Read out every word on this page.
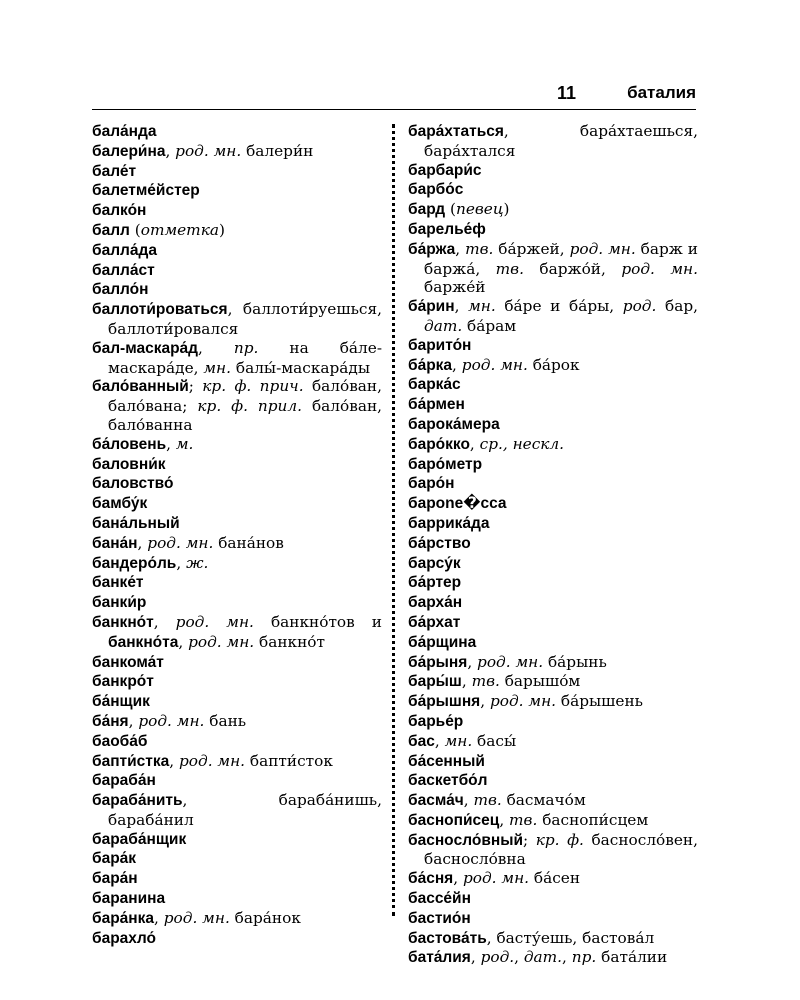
11	баталия

бала́нда

балери́на, род. мн. балери́н

бале́т

балетме́йстер

балко́н

балл (отметка)

балла́да

балла́ст

балло́н

баллоти́роваться, баллоти́руешься, баллоти́ровался

бал-маскара́д, пр. на ба́ле-маскара́де, мн. балы́-маскара́ды

бало́ванный; кр. ф. прич. бало́ван, бало́вана; кр. ф. прил. бало́ван, бало́ванна

ба́ловень, м.

баловни́к

баловство́

бамбу́к

бана́льный

бана́н, род. мн. бана́нов

бандеро́ль, ж.

банке́т

банки́р

банкно́т, род. мн. банкно́тов и банкно́та, род. мн. банкно́т

банкома́т

банкро́т

ба́нщик

ба́ня, род. мн. бань

баоба́б

бапти́стка, род. мн. бапти́сток

бараба́н

бараба́нить, бараба́нишь, бараба́нил

бараба́нщик

бара́к

бара́н

баранина

бара́нка, род. мн. бара́нок

барахло́

бара́хтаться, бара́хтаешься, бара́хтался

барбари́с

барбо́с

бард (певец)

барелье́ф

ба́ржа, тв. ба́ржей, род. мн. барж и баржа́, тв. баржо́й, род. мн. барже́й

ба́рин, мн. ба́ре и ба́ры, род. бар, дат. ба́рам

барито́н

ба́рка, род. мн. ба́рок

барка́с

ба́рмен

барока́мера

баро́кко, ср., нескл.

баро́метр

баро́н

барone�сса

баррика́да

ба́рство

барсу́к

ба́ртер

барха́н

ба́рхат

ба́рщина

ба́рыня, род. мн. ба́рынь

бары́ш, тв. барышо́м

ба́рышня, род. мн. ба́рышень

барье́р

бас, мн. басы́

ба́сенный

баскетбо́л

басма́ч, тв. басмачо́м

баснопи́сец, тв. баснопи́сцем

баснoсло́вный; кр. ф. басносло́вен, басносло́вна

ба́сня, род. мн. ба́сен

бассе́йн

бастио́н

бастова́ть, басту́ешь, бастова́л

бата́лия, род., дат., пр. бата́лии
